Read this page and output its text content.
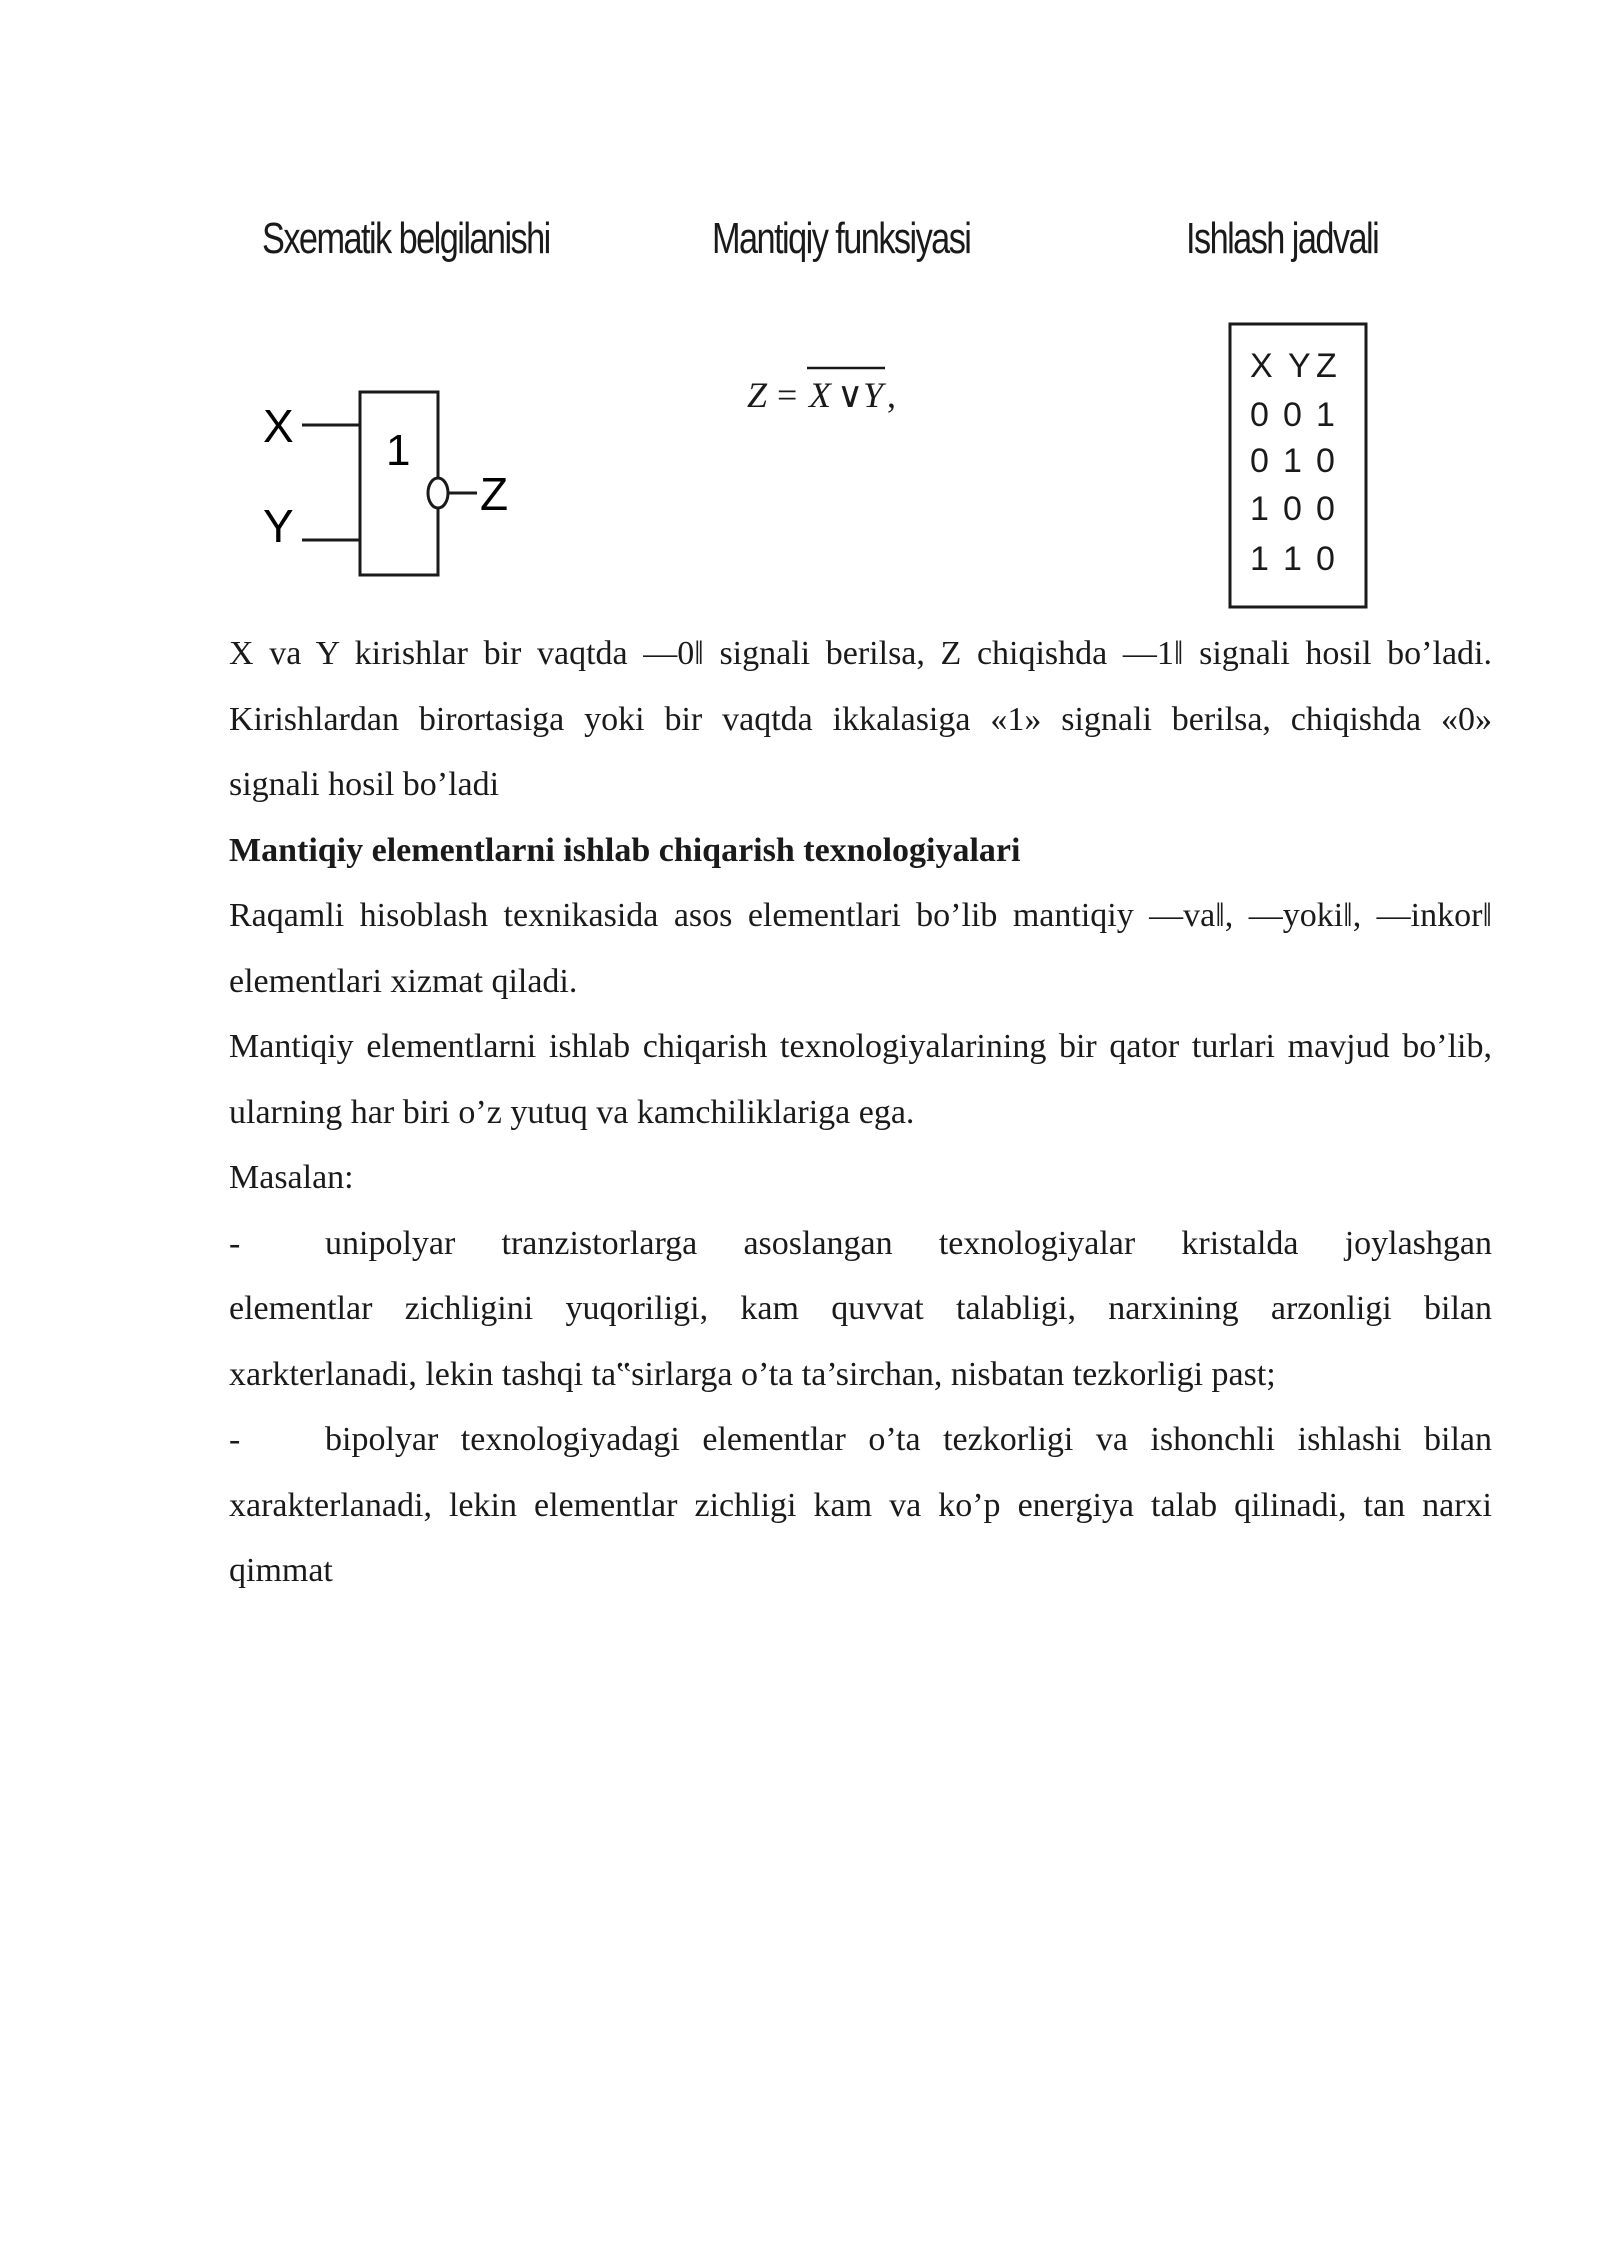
Sxematik belgilanishi	Mantiqiy funksiyasi	Ishlash jadvali
X
Y
1
Z
Z = X ∨ Y ,
X Y Z
0 0 1
0 1 0
1 0 0
1 1 0

X va Y kirishlar bir vaqtda ―0‖ signali berilsa, Z chiqishda ―1‖ signali hosil bo’ladi.

Kirishlardan birortasiga yoki bir vaqtda ikkalasiga «1» signali berilsa, chiqishda «0»

signali hosil bo’ladi

Mantiqiy elementlarni ishlab chiqarish texnologiyalari

Raqamli hisoblash texnikasida asos elementlari bo’lib mantiqiy ―va‖, ―yoki‖, ―inkor‖ elementlari xizmat qiladi.

Mantiqiy elementlarni ishlab chiqarish texnologiyalarining bir qator turlari mavjud bo’lib, ularning har biri o’z yutuq va kamchiliklariga ega.

Masalan:

-	unipolyar tranzistorlarga asoslangan texnologiyalar kristalda joylashgan

elementlar zichligini yuqoriligi, kam quvvat talabligi, narxining arzonligi bilan xarkterlanadi, lekin tashqi ta‟sirlarga o’ta ta’sirchan, nisbatan tezkorligi past;

-	bipolyar texnologiyadagi elementlar o’ta tezkorligi va ishonchli ishlashi bilan

xarakterlanadi, lekin elementlar zichligi kam va ko’p energiya talab qilinadi, tan narxi qimmat
